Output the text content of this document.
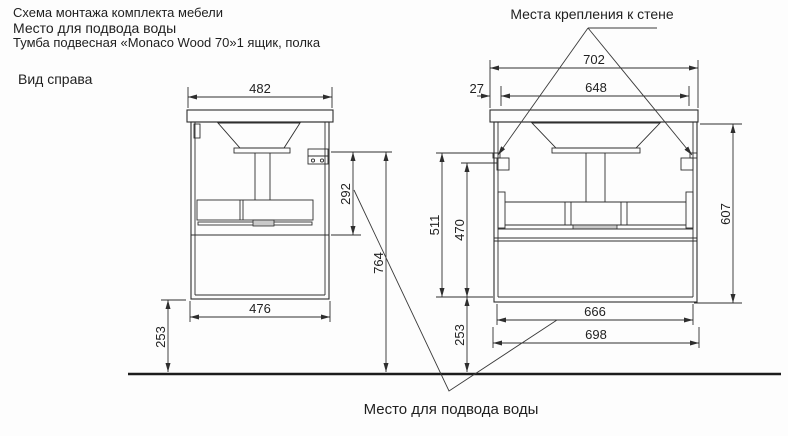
482
476
253
292
764
702
648
27
511 470
253
607
666
698
Схема монтажа комплекта мебели
Место для подвода воды
Тумба подвесная «Monaco Wood 70»1 ящик, полка
Вид справа
Места крепления к стене
Место для подвода воды
